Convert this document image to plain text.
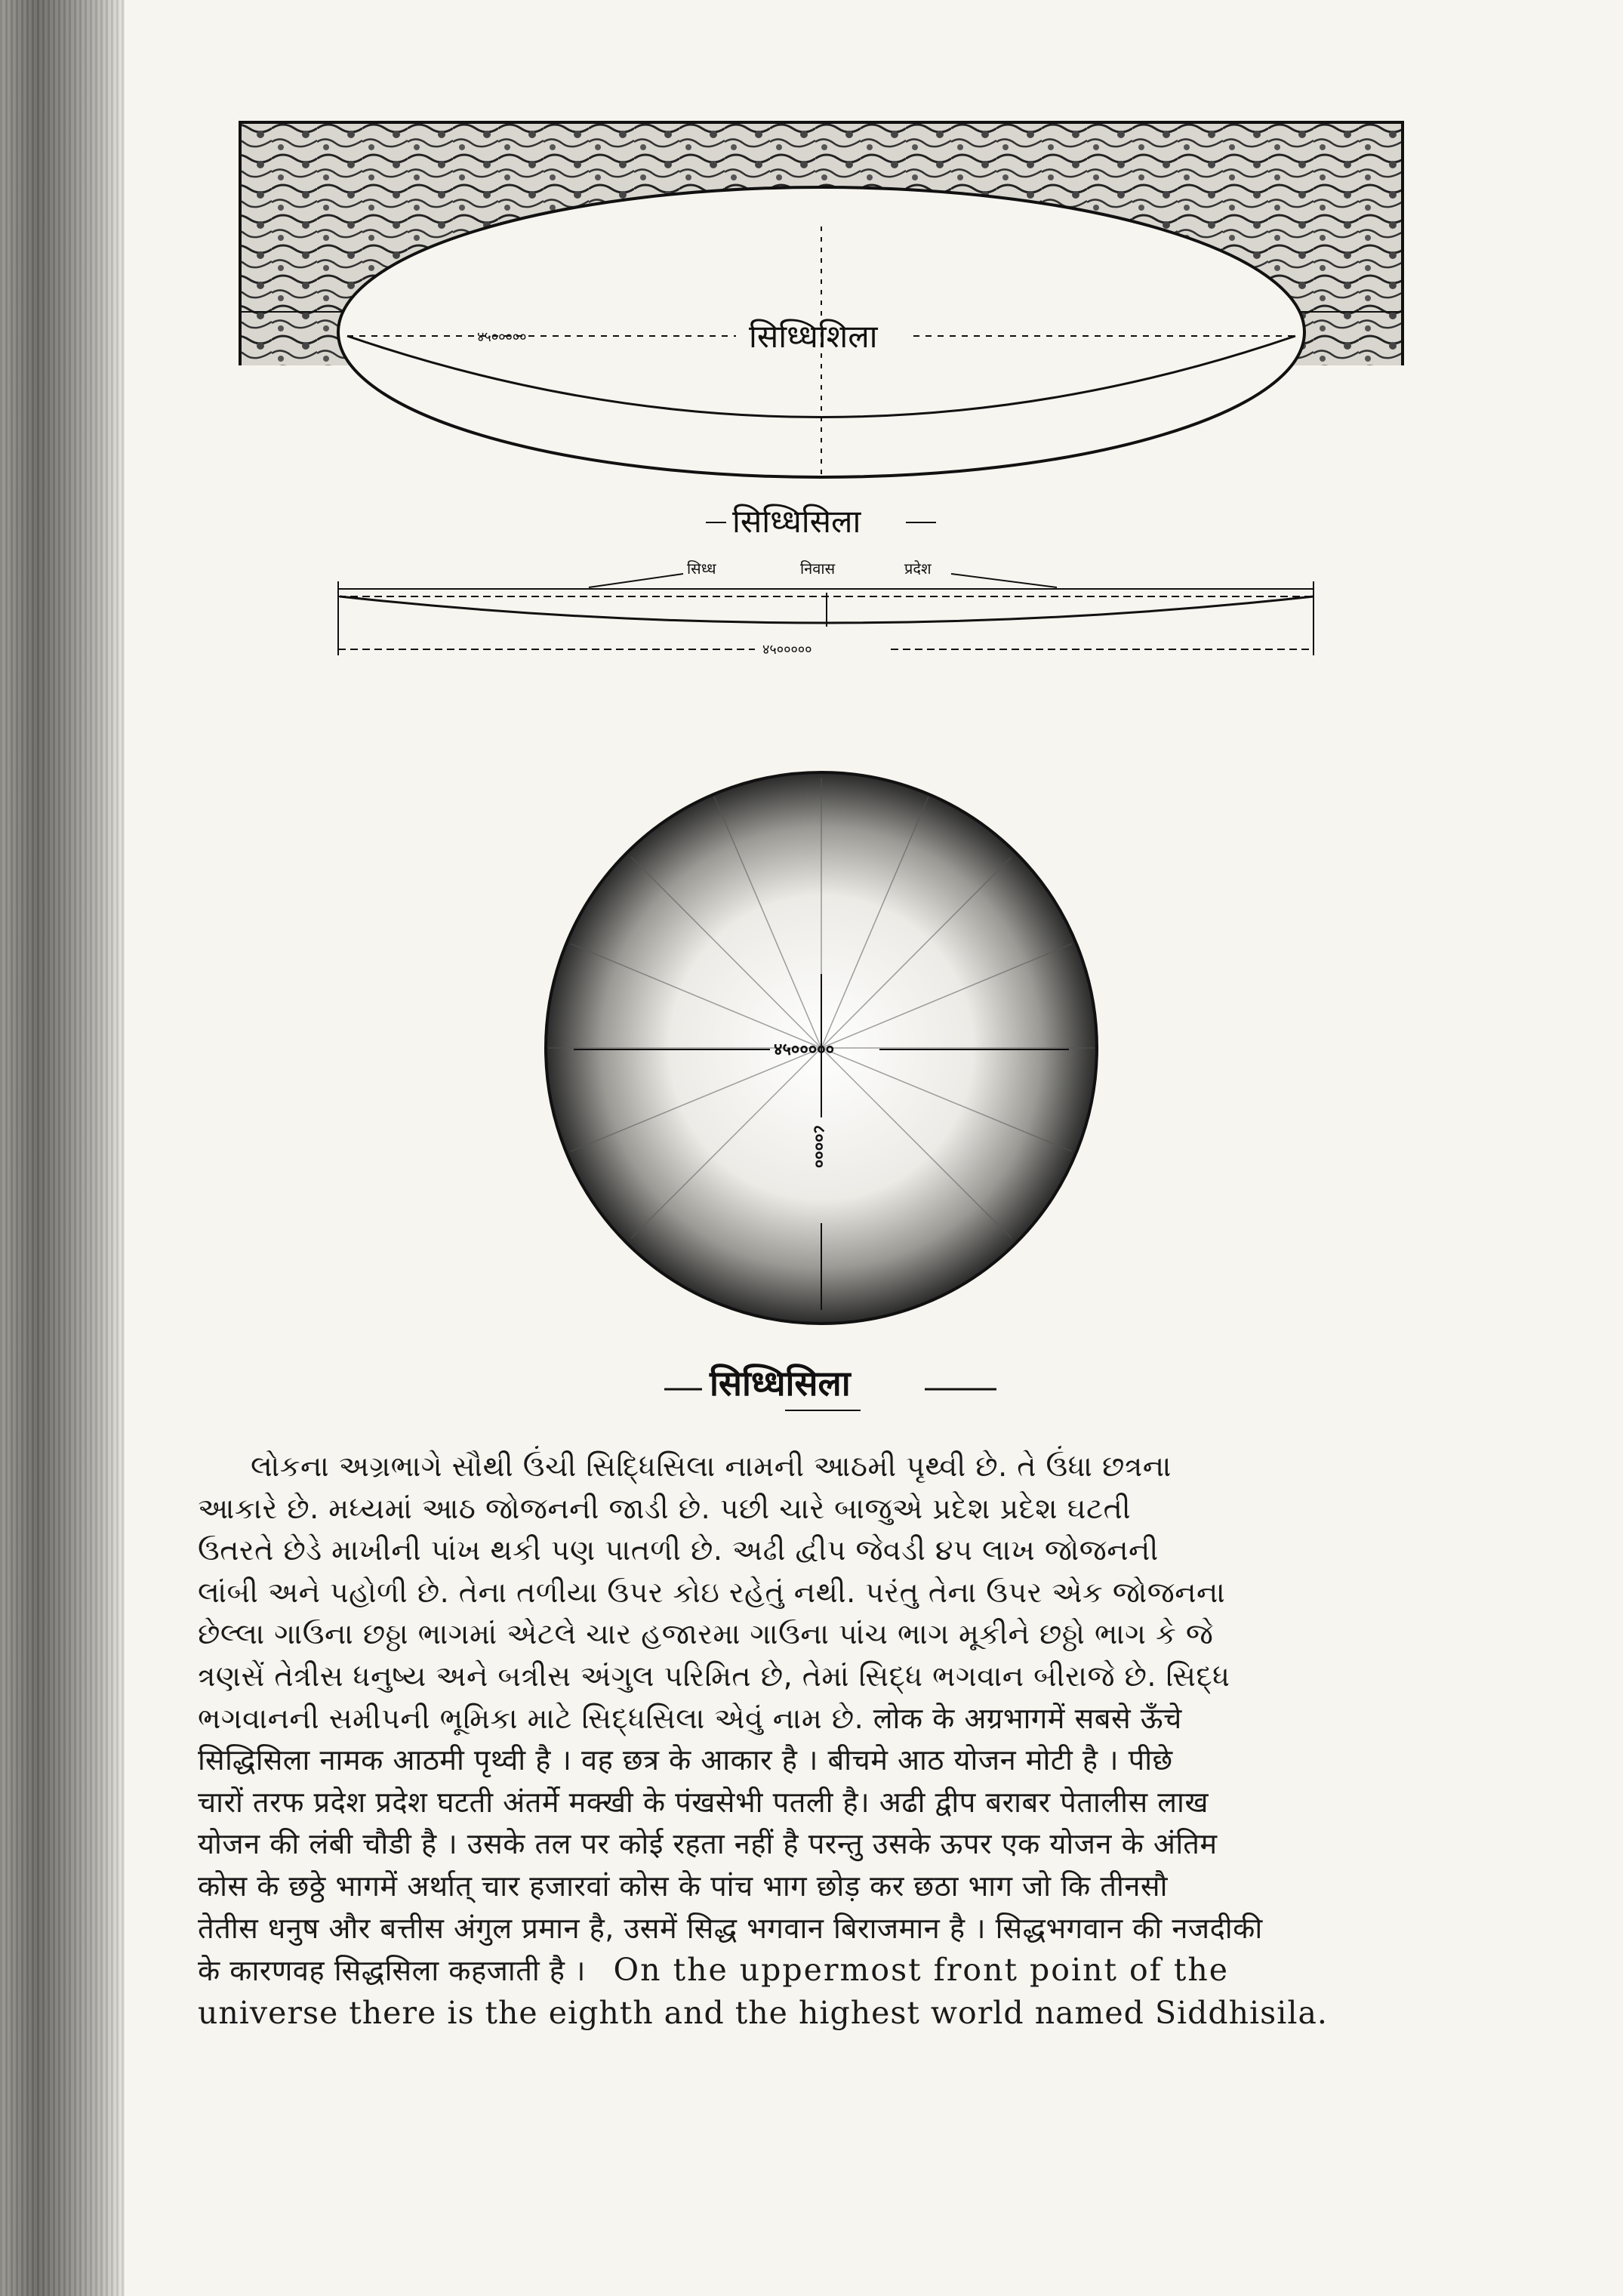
४५०००००	सिध्धिशिला
सिध्धिसिला
सिध्ध	निवास	प्रदेश
४५०००००
४५०००००
८००००
सिध्धिसिला
લોકના અગ્રભાગે સૌથી ઉંચી સિદ્ધિસિલા નામની આઠમી પૃથ્વી છે. તે ઉંધા છત્રના
આકારે છે. મધ્યમાં આઠ જોજનની જાડી છે. પછી ચારે બાજુએ પ્રદેશ પ્રદેશ ઘટતી
ઉતરતે છેડે માખીની પાંખ થકી પણ પાતળી છે. અઢી દ્વીપ જેવડી ૪૫ લાખ જોજનની
લાંબી અને પહોળી છે. તેના તળીયા ઉપર કોઇ રહેતું નથી. પરંતુ તેના ઉપર એક જોજનના
છેલ્લા ગાઉના છઠ્ઠા ભાગમાં એટલે ચાર હજારમા ગાઉના પાંચ ભાગ મૂકીને છઠ્ઠો ભાગ કે જે
ત્રણસેં તેત્રીસ ધનુષ્ય અને બત્રીસ અંગુલ પરિમિત છે, તેમાં સિદ્ધ ભગવાન બીરાજે છે. સિદ્ધ
ભગવાનની સમીપની ભૂમિકા માટે સિદ્ધસિલા એવું નામ છે. लोक के अग्रभागमें सबसे ऊँचे
सिद्धिसिला नामक आठमी पृथ्वी है । वह छत्र के आकार है । बीचमे आठ योजन मोटी है । पीछे
चारों तरफ प्रदेश प्रदेश घटती अंतर्मे मक्खी के पंखसेभी पतली है। अढी द्वीप बराबर पेतालीस लाख
योजन की लंबी चौडी है । उसके तल पर कोई रहता नहीं है परन्तु उसके ऊपर एक योजन के अंतिम
कोस के छठ्ठे भागमें अर्थात् चार हजारवां कोस के पांच भाग छोड़ कर छठा भाग जो कि तीनसौ
तेतीस धनुष और बत्तीस अंगुल प्रमान है, उसमें सिद्ध भगवान बिराजमान है । सिद्धभगवान की नजदीकी
के कारणवह सिद्धसिला कहजाती है । On the uppermost front point of the
universe there is the eighth and the highest world named Siddhisila.
